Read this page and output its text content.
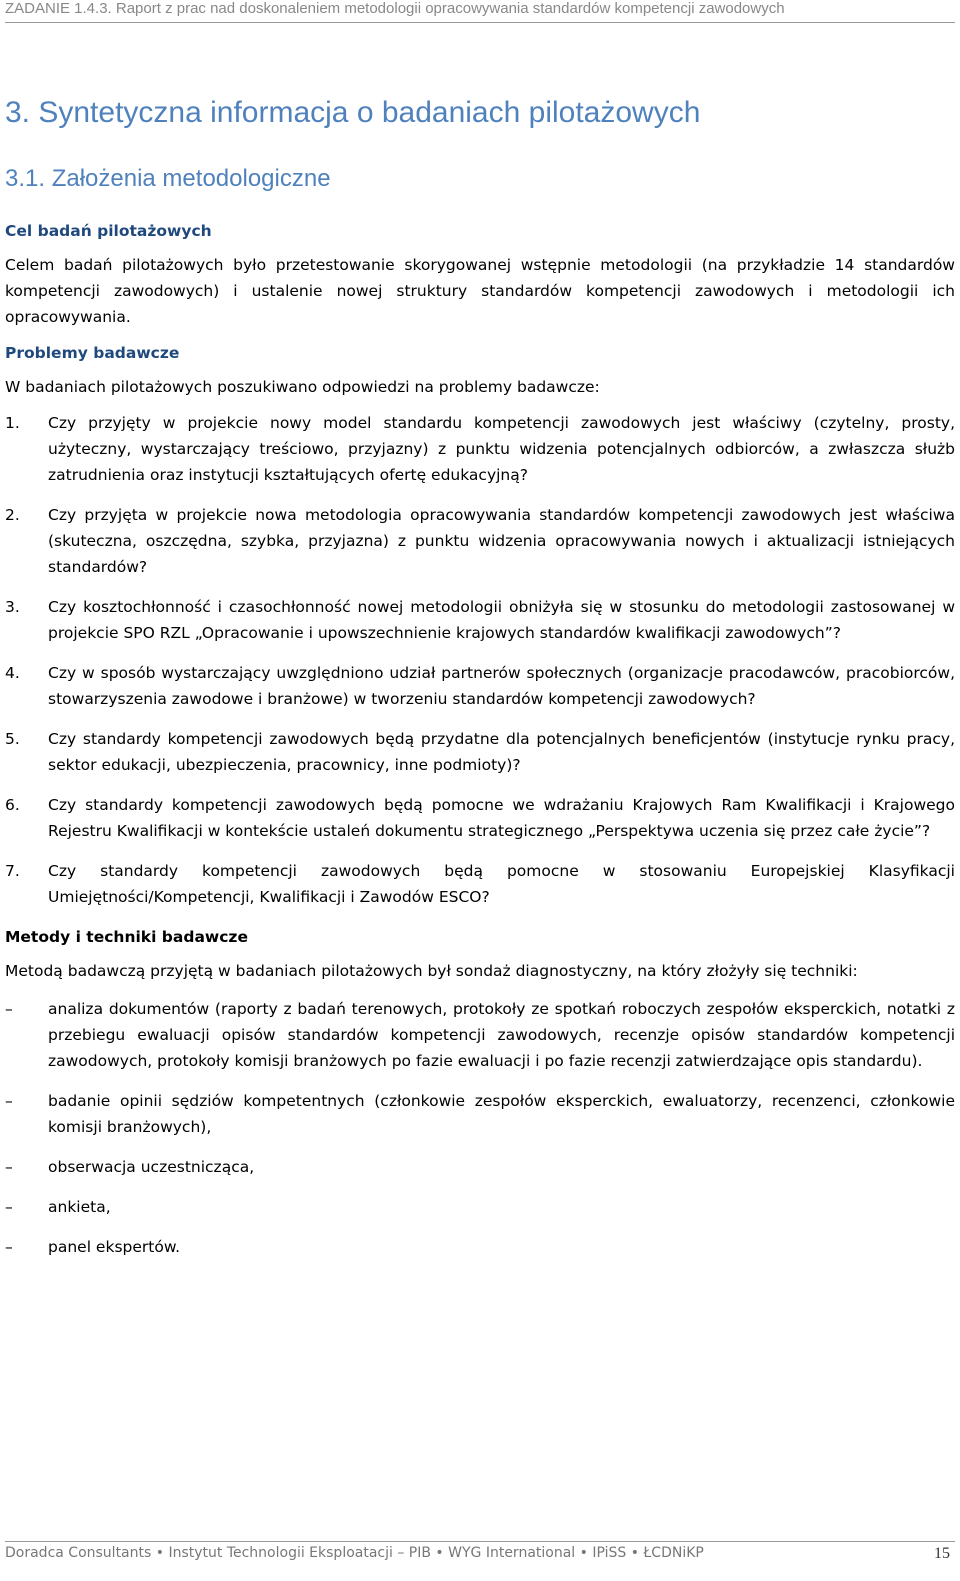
ZADANIE 1.4.3. Raport z prac nad doskonaleniem metodologii opracowywania standardów kompetencji zawodowych
3. Syntetyczna informacja o badaniach pilotażowych
3.1. Założenia metodologiczne
Cel badań pilotażowych

Celem badań pilotażowych było przetestowanie skorygowanej wstępnie metodologii (na przykładzie 14 standardów kompetencji zawodowych) i ustalenie nowej struktury standardów kompetencji zawodowych i metodologii ich opracowywania.

Problemy badawcze

W badaniach pilotażowych poszukiwano odpowiedzi na problemy badawcze:

1.	Czy przyjęty w projekcie nowy model standardu kompetencji zawodowych jest właściwy (czytelny, prosty, użyteczny, wystarczający treściowo, przyjazny) z punktu widzenia potencjalnych odbiorców, a zwłaszcza służb zatrudnienia oraz instytucji kształtujących ofertę edukacyjną?
2.	Czy przyjęta w projekcie nowa metodologia opracowywania standardów kompetencji zawodowych jest właściwa (skuteczna, oszczędna, szybka, przyjazna) z punktu widzenia opracowywania nowych i aktualizacji istniejących standardów?
3.	Czy kosztochłonność i czasochłonność nowej metodologii obniżyła się w stosunku do metodologii zastosowanej w projekcie SPO RZL „Opracowanie i upowszechnienie krajowych standardów kwalifikacji zawodowych”?
4.	Czy w sposób wystarczający uwzględniono udział partnerów społecznych (organizacje pracodawców, pracobiorców, stowarzyszenia zawodowe i branżowe) w tworzeniu standardów kompetencji zawodowych?
5.	Czy standardy kompetencji zawodowych będą przydatne dla potencjalnych beneficjentów (instytucje rynku pracy, sektor edukacji, ubezpieczenia, pracownicy, inne podmioty)?
6.	Czy standardy kompetencji zawodowych będą pomocne we wdrażaniu Krajowych Ram Kwalifikacji i Krajowego Rejestru Kwalifikacji w kontekście ustaleń dokumentu strategicznego „Perspektywa uczenia się przez całe życie”?
7.	Czy standardy kompetencji zawodowych będą pomocne w stosowaniu Europejskiej Klasyfikacji Umiejętności/Kompetencji, Kwalifikacji i Zawodów ESCO?
Metody i techniki badawcze

Metodą badawczą przyjętą w badaniach pilotażowych był sondaż diagnostyczny, na który złożyły się techniki:

–	analiza dokumentów (raporty z badań terenowych, protokoły ze spotkań roboczych zespołów eksperckich, notatki z przebiegu ewaluacji opisów standardów kompetencji zawodowych, recenzje opisów standardów kompetencji zawodowych, protokoły komisji branżowych po fazie ewaluacji i po fazie recenzji zatwierdzające opis standardu).
–	badanie opinii sędziów kompetentnych (członkowie zespołów eksperckich, ewaluatorzy, recenzenci, członkowie komisji branżowych),
–	obserwacja uczestnicząca,
–	ankieta,
–	panel ekspertów.
Doradca Consultants • Instytut Technologii Eksploatacji – PIB • WYG International • IPiSS • ŁCDNiKP	15
